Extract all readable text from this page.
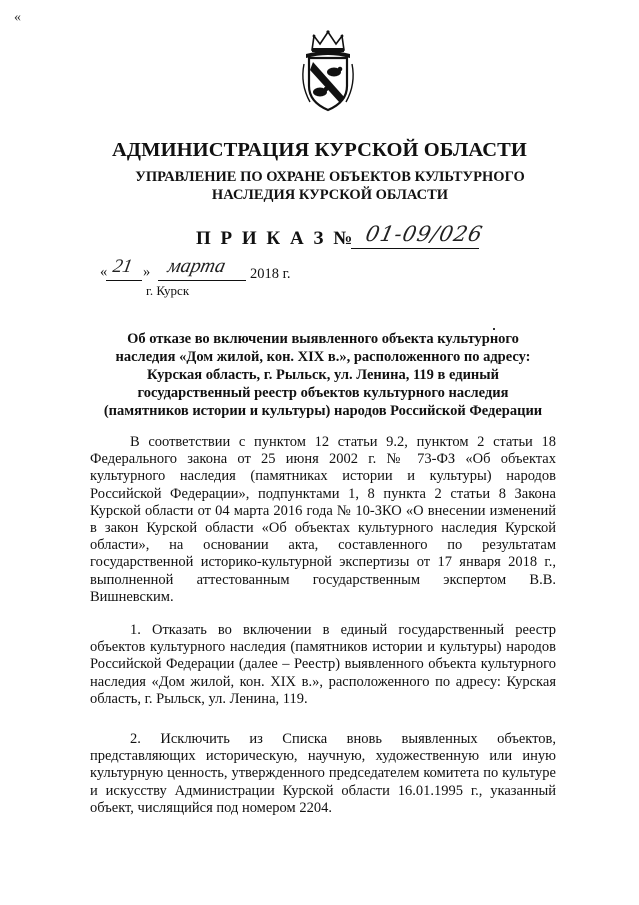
«
АДМИНИСТРАЦИЯ КУРСКОЙ ОБЛАСТИ
УПРАВЛЕНИЕ ПО ОХРАНЕ ОБЪЕКТОВ КУЛЬТУРНОГО НАСЛЕДИЯ КУРСКОЙ ОБЛАСТИ
П Р И К А З № 01-09/026
« 21 » марта 2018 г.
г. Курск
Об отказе во включении выявленного объекта культурного наследия «Дом жилой, кон. XIX в.», расположенного по адресу: Курская область, г. Рыльск, ул. Ленина, 119 в единый государственный реестр объектов культурного наследия (памятников истории и культуры) народов Российской Федерации
В соответствии с пунктом 12 статьи 9.2, пунктом 2 статьи 18 Федерального закона от 25 июня 2002 г. № 73-ФЗ «Об объектах культурного наследия (памятниках истории и культуры) народов Российской Федерации», подпунктами 1, 8 пункта 2 статьи 8 Закона Курской области от 04 марта 2016 года № 10-ЗКО «О внесении изменений в закон Курской области «Об объектах культурного наследия Курской области», на основании акта, составленного по результатам государственной историко-культурной экспертизы от 17 января 2018 г., выполненной аттестованным государственным экспертом В.В. Вишневским.
1. Отказать во включении в единый государственный реестр объектов культурного наследия (памятников истории и культуры) народов Российской Федерации (далее – Реестр) выявленного объекта культурного наследия «Дом жилой, кон. XIX в.», расположенного по адресу: Курская область, г. Рыльск, ул. Ленина, 119.
2. Исключить из Списка вновь выявленных объектов, представляющих историческую, научную, художественную или иную культурную ценность, утвержденного председателем комитета по культуре и искусству Администрации Курской области 16.01.1995 г., указанный объект, числящийся под номером 2204.
